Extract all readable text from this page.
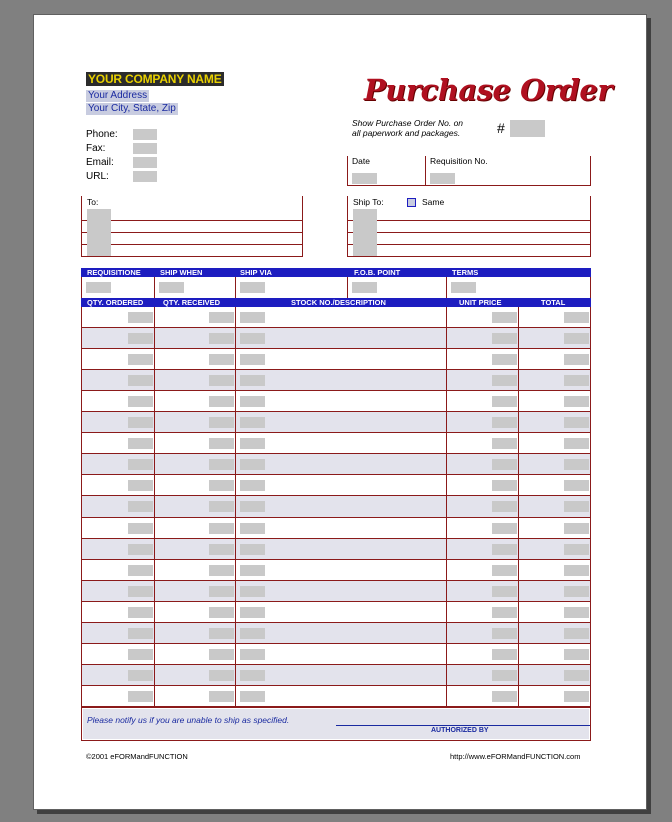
YOUR COMPANY NAME
Your Address
Your City, State, Zip
Phone:
Fax:
Email:
URL:
Purchase Order
Show Purchase Order No. on
all paperwork and packages.	#
Date	Requisition No.
To:	Ship To:	Same
REQUISITIONE	SHIP WHEN	SHIP VIA	F.O.B. POINT	TERMS
QTY. ORDERED	QTY. RECEIVED	STOCK NO./DESCRIPTION	UNIT PRICE	TOTAL
Please notify us if you are unable to ship as specified.
AUTHORIZED BY
©2001 eFORMandFUNCTION	http://www.eFORMandFUNCTION.com
